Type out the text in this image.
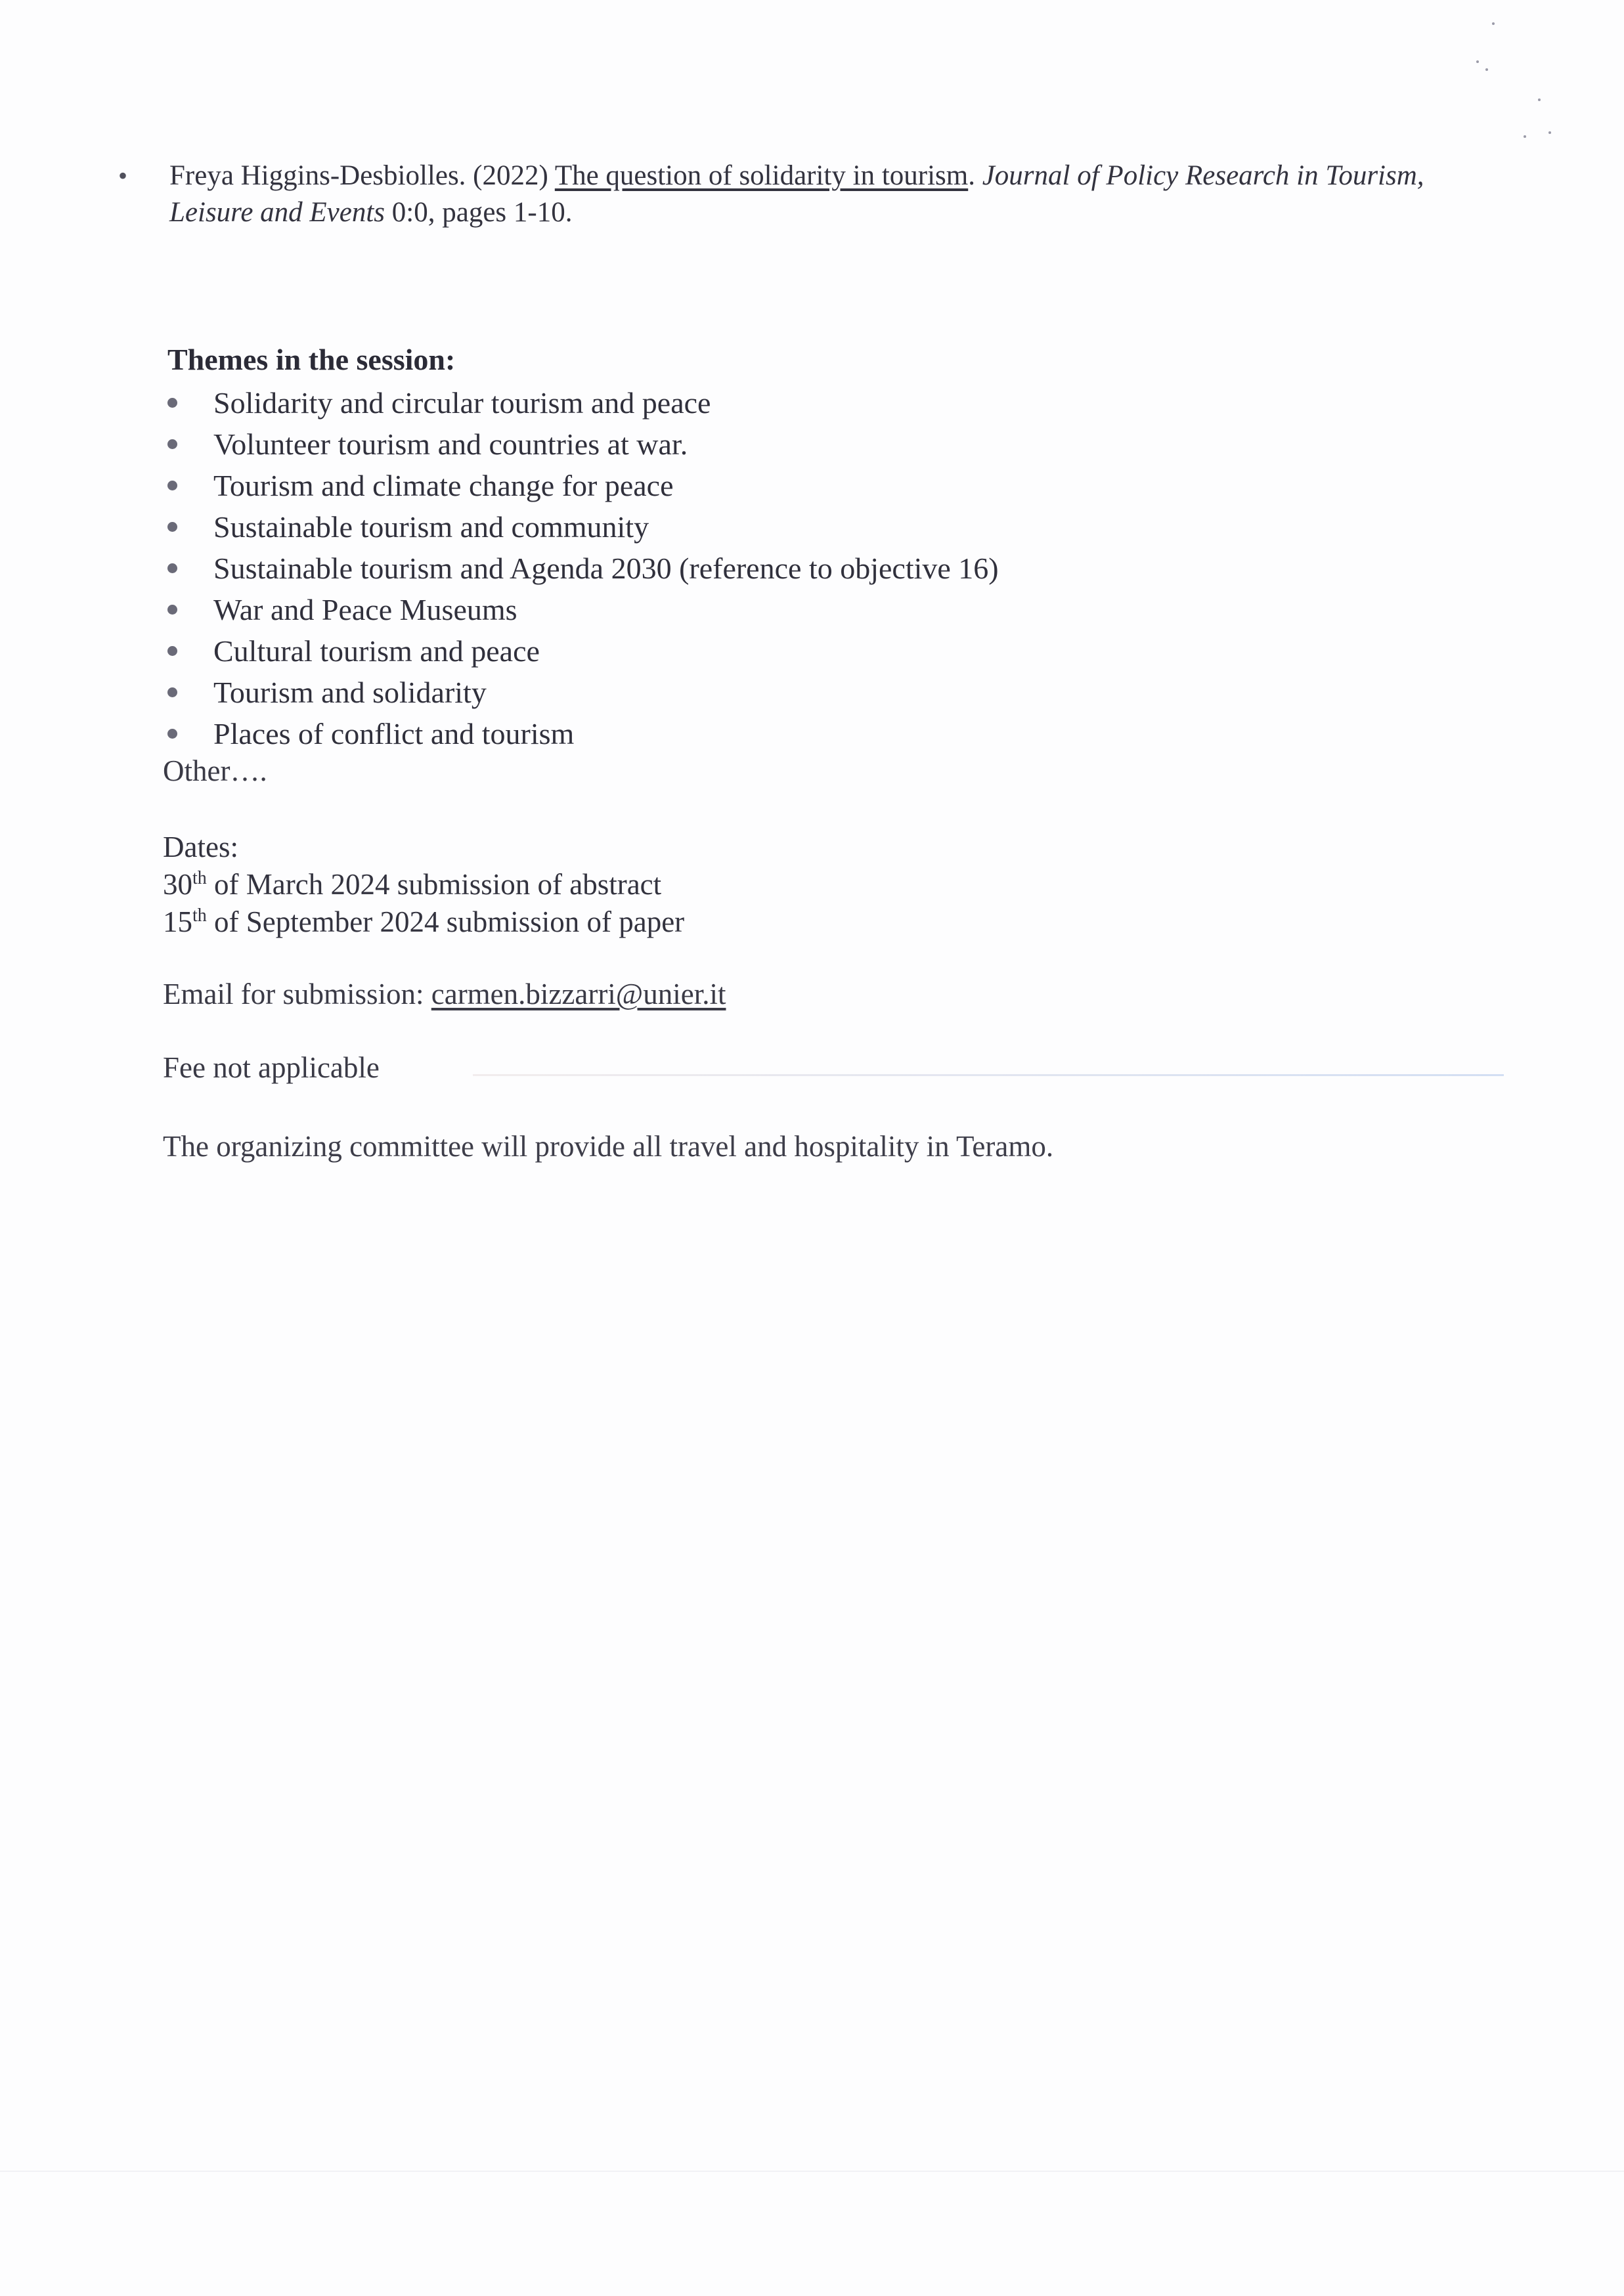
• Freya Higgins-Desbiolles. (2022) The question of solidarity in tourism. Journal of Policy Research in Tourism, Leisure and Events 0:0, pages 1-10.
Themes in the session:
Solidarity and circular tourism and peace
Volunteer tourism and countries at war.
Tourism and climate change for peace
Sustainable tourism and community
Sustainable tourism and Agenda 2030 (reference to objective 16)
War and Peace Museums
Cultural tourism and peace
Tourism and solidarity
Places of conflict and tourism
Other….
Dates:
30th of March 2024 submission of abstract
15th of September 2024 submission of paper
Email for submission: carmen.bizzarri@unier.it
Fee not applicable
The organizing committee will provide all travel and hospitality in Teramo.
